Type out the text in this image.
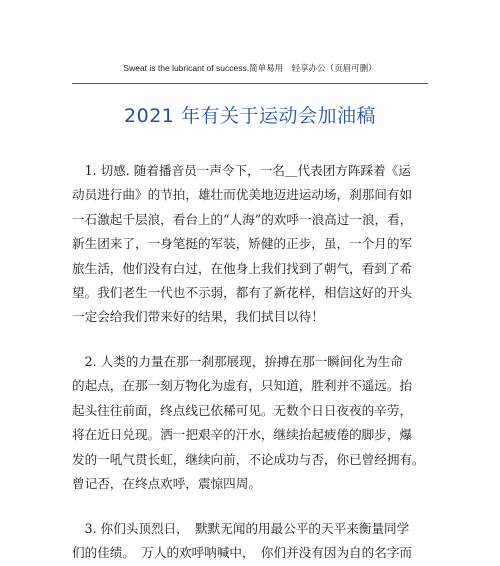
Sweat is the lubricant of success.简单易用　轻享办公（页眉可删）
2021 年有关于运动会加油稿
　1. 切感. 随着播音员一声令下，一名＿代表团方阵踩着《运
动员进行曲》的节拍，雄壮而优美地迈进运动场，刹那间有如
一石激起千层浪，看台上的“人海”的欢呼一浪高过一浪，看，
新生团来了，一身笔挺的军装，矫健的正步，虽，一个月的军
旅生活，他们没有白过，在他身上我们找到了朝气，看到了希
望。我们老生一代也不示弱，都有了新花样，相信这好的开头
一定会给我们带来好的结果，我们拭目以待！
　2. 人类的力量在那一刹那展现，拚搏在那一瞬间化为生命
的起点，在那一刻万物化为虚有，只知道，胜利并不遥远。抬
起头往往前面，终点线已依稀可见。无数个日日夜夜的辛劳，
将在近日兑现。洒一把艰辛的汗水，继续抬起疲倦的脚步，爆
发的一吼气贯长虹，继续向前，不论成功与否，你已曾经拥有。
曾记否，在终点欢呼，震惊四周。
　3. 你们头顶烈日，　默默无闻的用最公平的天平来衡量同学
们的佳绩。　万人的欢呼呐喊中，　你们并没有因为自的名字而
